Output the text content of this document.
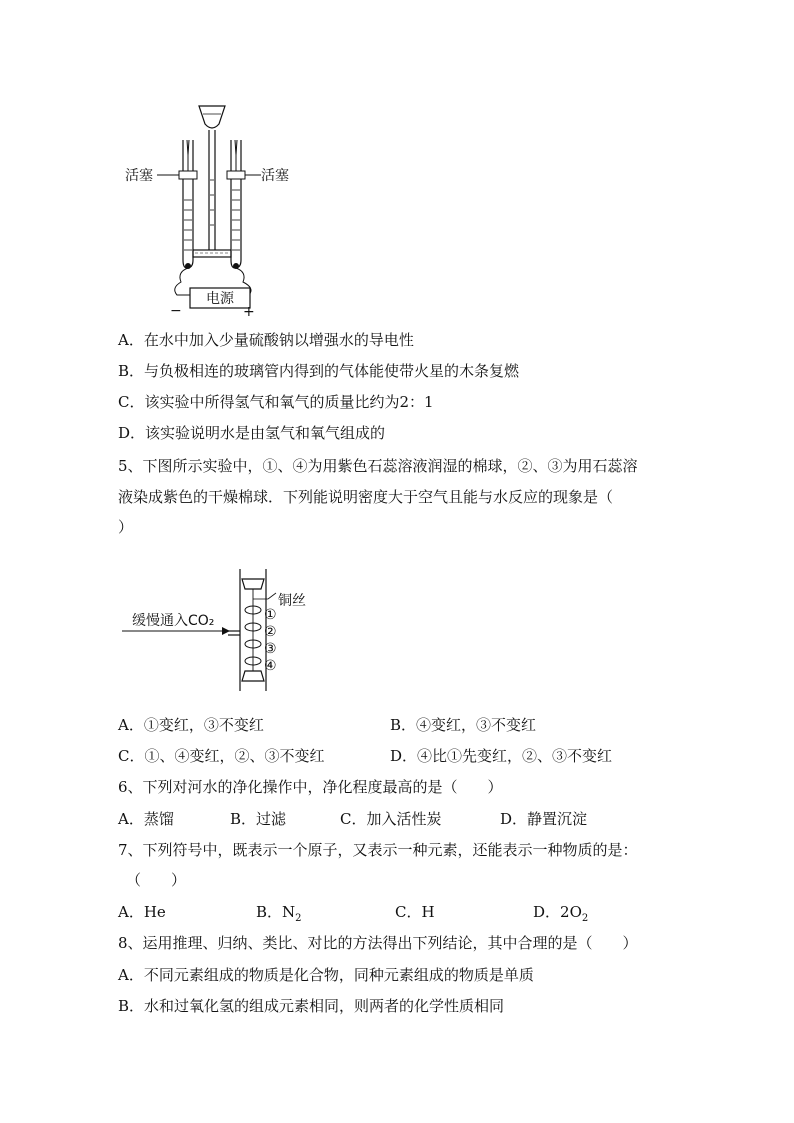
电源
活塞	活塞
−	+
A．在水中加入少量硫酸钠以增强水的导电性
B．与负极相连的玻璃管内得到的气体能使带火星的木条复燃
C．该实验中所得氢气和氧气的质量比约为2：1
D．该实验说明水是由氢气和氧气组成的
5、下图所示实验中，①、④为用紫色石蕊溶液润湿的棉球，②、③为用石蕊溶
液染成紫色的干燥棉球．下列能说明密度大于空气且能与水反应的现象是（
）
铜丝
①
②
③
④
缓慢通入CO₂
A．①变红，③不变红	B．④变红，③不变红
C．①、④变红，②、③不变红	D．④比①先变红，②、③不变红
6、下列对河水的净化操作中，净化程度最高的是（　　）
A．蒸馏	B．过滤	C．加入活性炭	D．静置沉淀
7、下列符号中，既表示一个原子，又表示一种元素，还能表示一种物质的是：
（　　）
A．He	B．$N_2$	C．H	D．$2O_2$
8、运用推理、归纳、类比、对比的方法得出下列结论，其中合理的是（　　）
A．不同元素组成的物质是化合物，同种元素组成的物质是单质
B．水和过氧化氢的组成元素相同，则两者的化学性质相同
